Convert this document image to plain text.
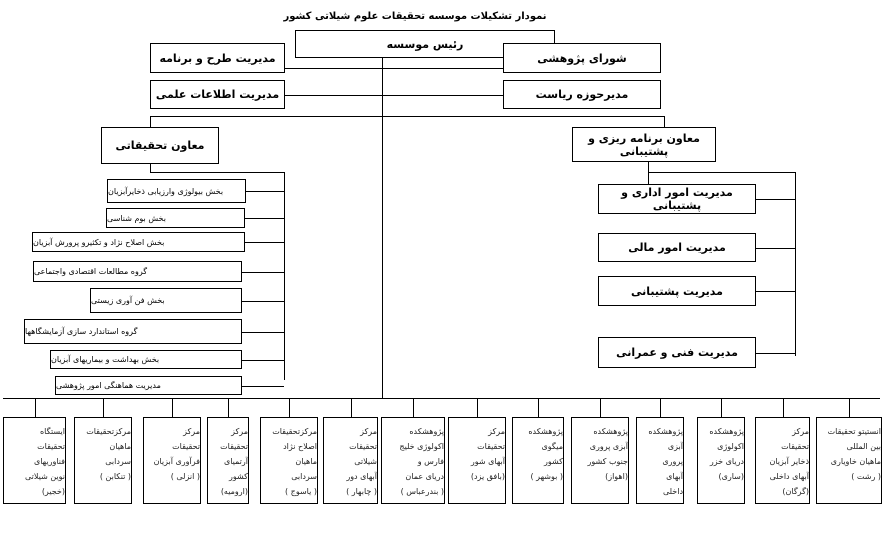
نمودار تشکیلات موسسه تحقیقات علوم شیلاتی کشور
رئیس موسسه
مدیریت طرح و برنامه
مدیریت اطلاعات علمی
شورای پژوهشی
مدیرحوزه ریاست
معاون تحقیقاتی
معاون برنامه ریزی و پشتیبانی
بخش بیولوژی وارزیابی ذخایرآبزیان
بخش بوم شناسی
بخش اصلاح نژاد و تکثیرو پرورش آبزیان
گروه مطالعات اقتصادی واجتماعی
بخش فن آوری زیستی
گروه استاندارد سازی آزمایشگاهها
بخش بهداشت و بیماریهای آبزیان
مدیریت هماهنگی امور پژوهشی
مدیریت امور اداری و پشتیبانی
مدیریت امور مالی
مدیریت پشتیبانی
مدیریت فنی و عمرانی
ایستگاه
تحقیقات
فناوریهای
نوین شیلاتی
(خجیر)
مرکزتحقیقات
ماهیان
سردابی
( تنکابن )
مرکز
تحقیقات
فرآوری آبزیان
( انزلی )
مرکز
تحقیقات
آرتمیای
کشور
(ارومیه)
مرکزتحقیقات
اصلاح نژاد
ماهیان
سردابی
( یاسوج )
مرکز
تحقیقات
شیلاتی
آبهای دور
( چابهار )
پژوهشکده
اکولوژی خلیج
فارس و
دریای عمان
( بندرعباس )
مرکز
تحقیقات
آبهای شور
(بافق یزد)
پژوهشکده
میگوی
کشور
( بوشهر )
پژوهشکده
آبزی پروری
جنوب کشور
(اهواز)
پژوهشکده
آبزی
پروری
آبهای
داخلی
پژوهشکده
اکولوژی
دریای خزر
(ساری)
مرکز
تحقیقات
ذخایر آبزیان
آبهای داخلی
(گرگان)
انستیتو تحقیقات
بین المللی
ماهیان خاویاری
( رشت )
